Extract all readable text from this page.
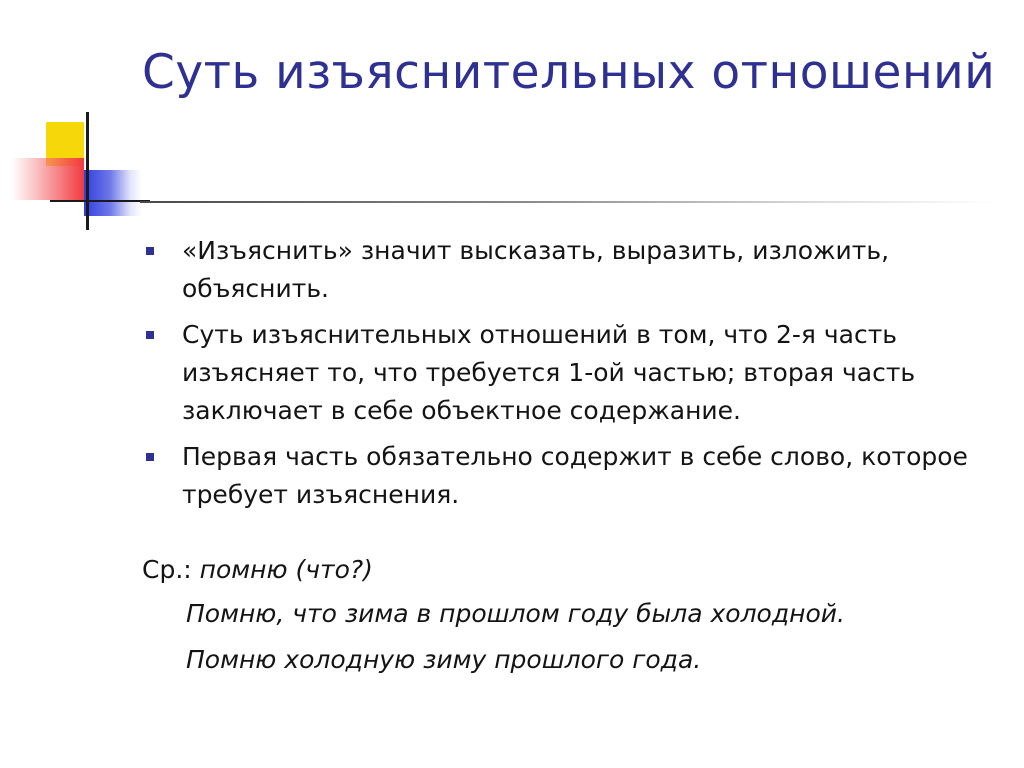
Суть изъяснительных отношений
«Изъяснить» значит высказать, выразить, изложить, объяснить.
Суть изъяснительных отношений в том, что 2-я часть изъясняет то, что требуется 1-ой частью; вторая часть заключает в себе объектное содержание.
Первая часть обязательно содержит в себе слово, которое требует изъяснения.
Ср.: помню (что?)
Помню, что зима в прошлом году была холодной.
Помню холодную зиму прошлого года.
